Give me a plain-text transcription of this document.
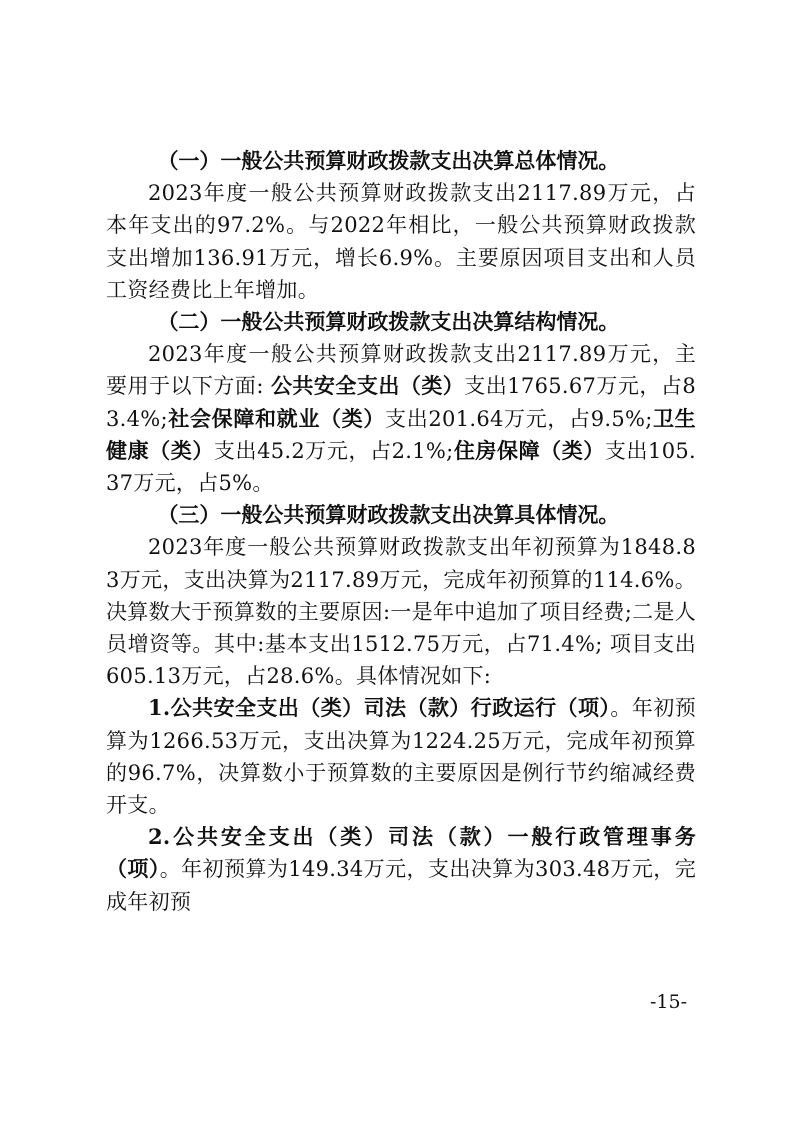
（一）一般公共预算财政拨款支出决算总体情况。

2023年度一般公共预算财政拨款支出2117.89万元，占本年支出的97.2%。与2022年相比，一般公共预算财政拨款支出增加136.91万元，增长6.9%。主要原因项目支出和人员工资经费比上年增加。

（二）一般公共预算财政拨款支出决算结构情况。

2023年度一般公共预算财政拨款支出2117.89万元，主要用于以下方面: 公共安全支出（类）支出1765.67万元，占83.4%;社会保障和就业（类）支出201.64万元，占9.5%;卫生健康（类）支出45.2万元，占2.1%;住房保障（类）支出105.37万元，占5%。

（三）一般公共预算财政拨款支出决算具体情况。

2023年度一般公共预算财政拨款支出年初预算为1848.83万元，支出决算为2117.89万元，完成年初预算的114.6%。决算数大于预算数的主要原因:一是年中追加了项目经费;二是人员增资等。其中:基本支出1512.75万元，占71.4%; 项目支出605.13万元，占28.6%。具体情况如下:

1.公共安全支出（类）司法（款）行政运行（项）。年初预算为1266.53万元，支出决算为1224.25万元，完成年初预算的96.7%，决算数小于预算数的主要原因是例行节约缩减经费开支。

2.公共安全支出（类）司法（款）一般行政管理事务（项）。年初预算为149.34万元，支出决算为303.48万元，完成年初预

-15-
